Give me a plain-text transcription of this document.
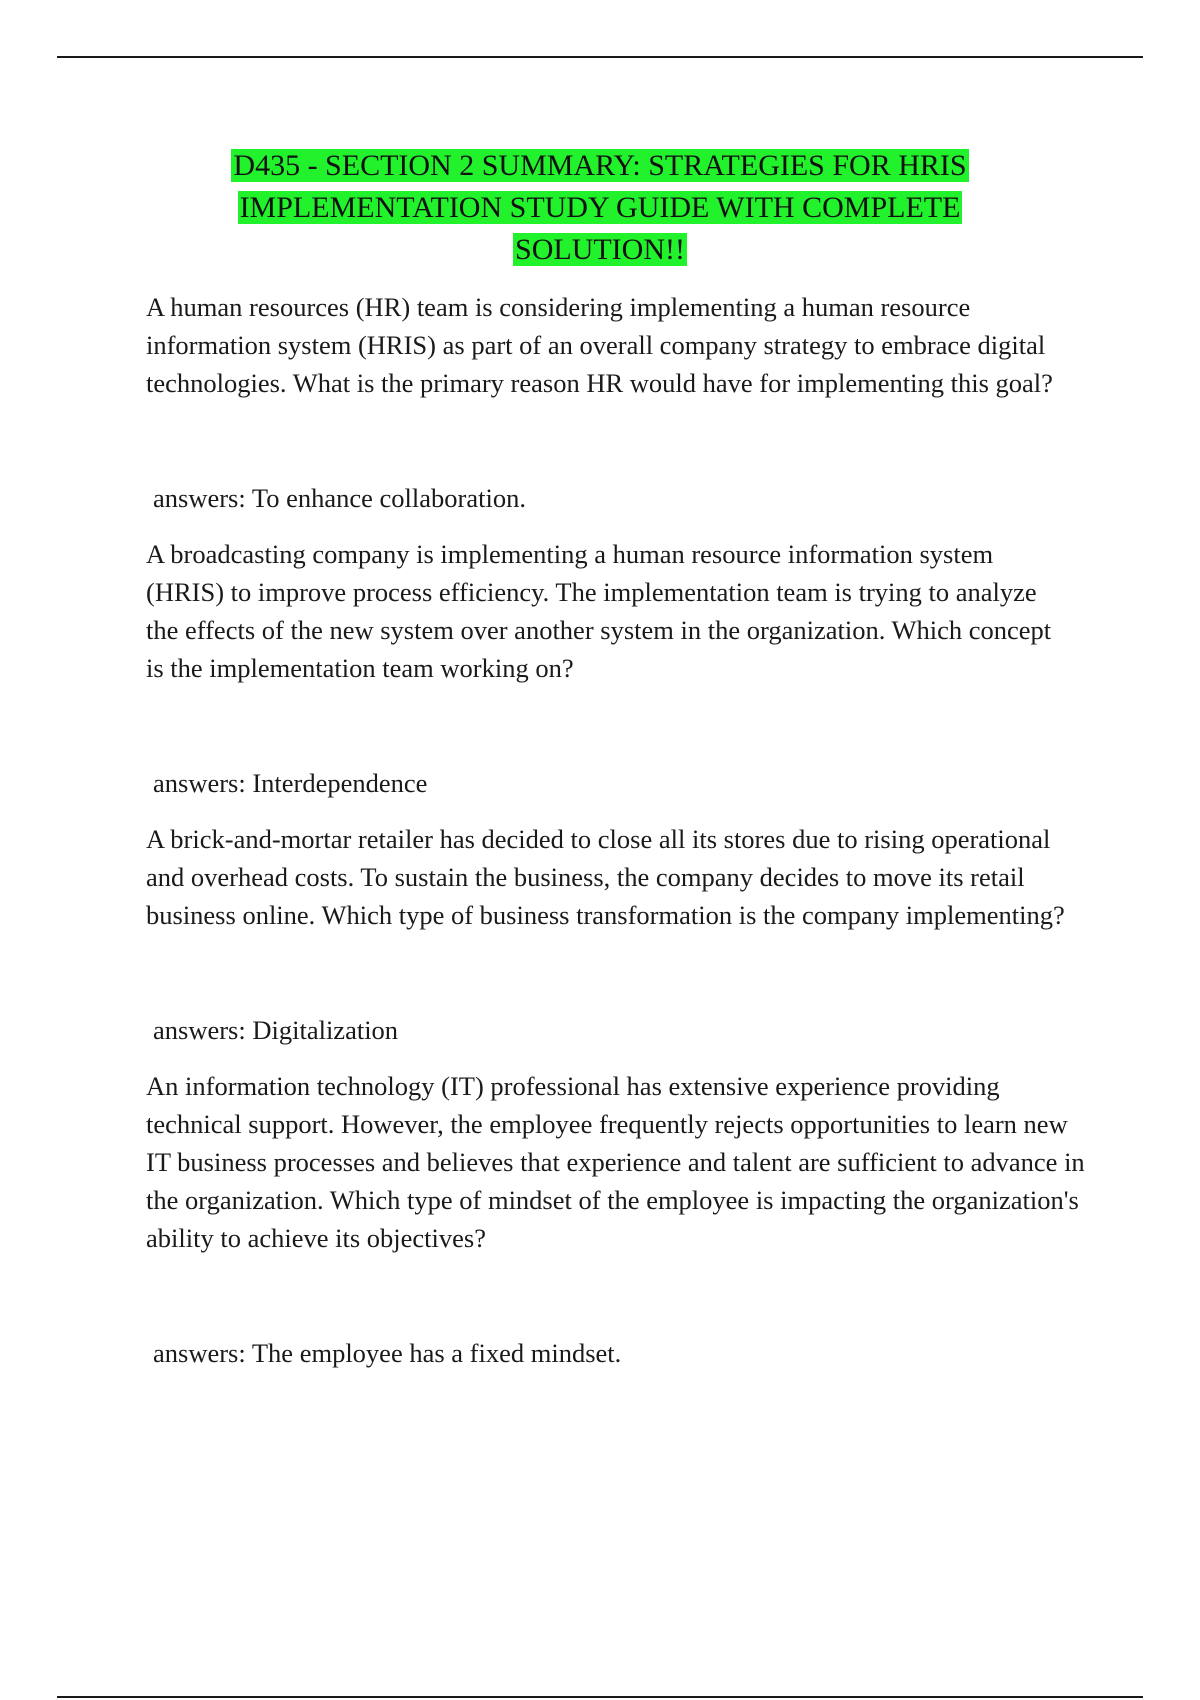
D435 - SECTION 2 SUMMARY: STRATEGIES FOR HRIS
IMPLEMENTATION STUDY GUIDE WITH COMPLETE
SOLUTION!!

A human resources (HR) team is considering implementing a human resource information system (HRIS) as part of an overall company strategy to embrace digital technologies. What is the primary reason HR would have for implementing this goal?

answers: To enhance collaboration.

A broadcasting company is implementing a human resource information system (HRIS) to improve process efficiency. The implementation team is trying to analyze the effects of the new system over another system in the organization. Which concept is the implementation team working on?

answers: Interdependence

A brick-and-mortar retailer has decided to close all its stores due to rising operational and overhead costs. To sustain the business, the company decides to move its retail business online. Which type of business transformation is the company implementing?

answers: Digitalization

An information technology (IT) professional has extensive experience providing technical support. However, the employee frequently rejects opportunities to learn new IT business processes and believes that experience and talent are sufficient to advance in the organization. Which type of mindset of the employee is impacting the organization's ability to achieve its objectives?

answers: The employee has a fixed mindset.
